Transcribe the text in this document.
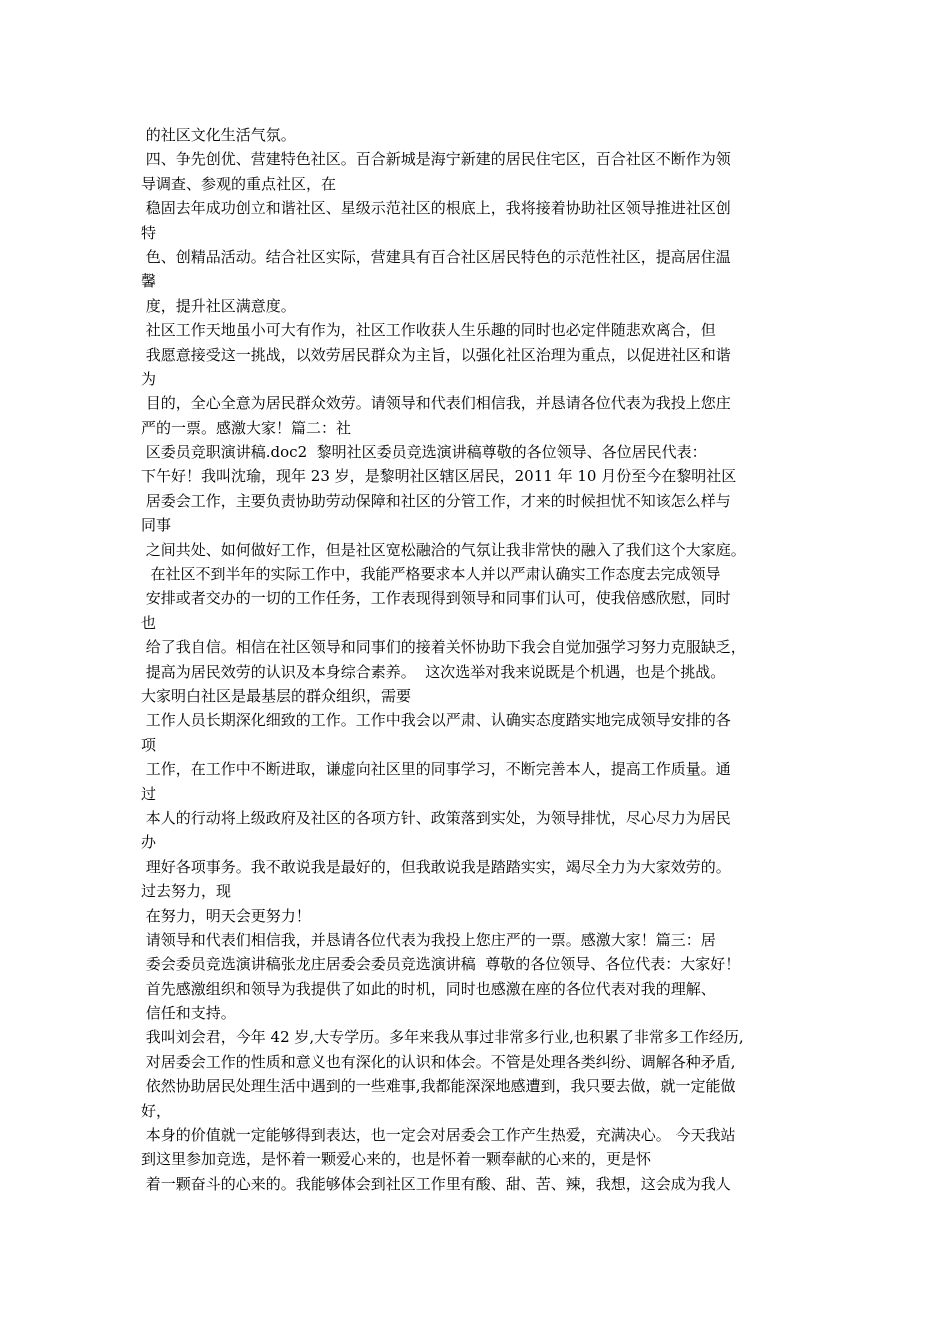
的社区文化生活气氛。
四、争先创优、营建特色社区。百合新城是海宁新建的居民住宅区，百合社区不断作为领
导调查、参观的重点社区，在
稳固去年成功创立和谐社区、星级示范社区的根底上，我将接着协助社区领导推进社区创
特
色、创精品活动。结合社区实际，营建具有百合社区居民特色的示范性社区，提高居住温
馨
度，提升社区满意度。
社区工作天地虽小可大有作为，社区工作收获人生乐趣的同时也必定伴随悲欢离合，但
我愿意接受这一挑战，以效劳居民群众为主旨，以强化社区治理为重点，以促进社区和谐
为
目的，全心全意为居民群众效劳。请领导和代表们相信我，并恳请各位代表为我投上您庄
严的一票。感激大家！篇二：社
区委员竞职演讲稿.doc2  黎明社区委员竞选演讲稿尊敬的各位领导、各位居民代表：
下午好！我叫沈瑜，现年 23 岁，是黎明社区辖区居民，2011 年 10 月份至今在黎明社区
居委会工作，主要负责协助劳动保障和社区的分管工作，才来的时候担忧不知该怎么样与
同事
之间共处、如何做好工作，但是社区宽松融洽的气氛让我非常快的融入了我们这个大家庭。
在社区不到半年的实际工作中，我能严格要求本人并以严肃认确实工作态度去完成领导
安排或者交办的一切的工作任务，工作表现得到领导和同事们认可，使我倍感欣慰，同时
也
给了我自信。相信在社区领导和同事们的接着关怀协助下我会自觉加强学习努力克服缺乏，
提高为居民效劳的认识及本身综合素养。  这次选举对我来说既是个机遇，也是个挑战。
大家明白社区是最基层的群众组织，需要
工作人员长期深化细致的工作。工作中我会以严肃、认确实态度踏实地完成领导安排的各
项
工作，在工作中不断进取，谦虚向社区里的同事学习，不断完善本人，提高工作质量。通
过
本人的行动将上级政府及社区的各项方针、政策落到实处，为领导排忧，尽心尽力为居民
办
理好各项事务。我不敢说我是最好的，但我敢说我是踏踏实实，竭尽全力为大家效劳的。
过去努力，现
在努力，明天会更努力！
请领导和代表们相信我，并恳请各位代表为我投上您庄严的一票。感激大家！篇三：居
委会委员竞选演讲稿张龙庄居委会委员竞选演讲稿  尊敬的各位领导、各位代表：大家好！
首先感激组织和领导为我提供了如此的时机，同时也感激在座的各位代表对我的理解、
信任和支持。
我叫刘会君，今年 42 岁,大专学历。多年来我从事过非常多行业,也积累了非常多工作经历,
对居委会工作的性质和意义也有深化的认识和体会。不管是处理各类纠纷、调解各种矛盾,
依然协助居民处理生活中遇到的一些难事,我都能深深地感遭到，我只要去做，就一定能做
好，
本身的价值就一定能够得到表达，也一定会对居委会工作产生热爱，充满决心。 今天我站
到这里参加竞选，是怀着一颗爱心来的，也是怀着一颗奉献的心来的，更是怀
着一颗奋斗的心来的。我能够体会到社区工作里有酸、甜、苦、辣，我想，这会成为我人
